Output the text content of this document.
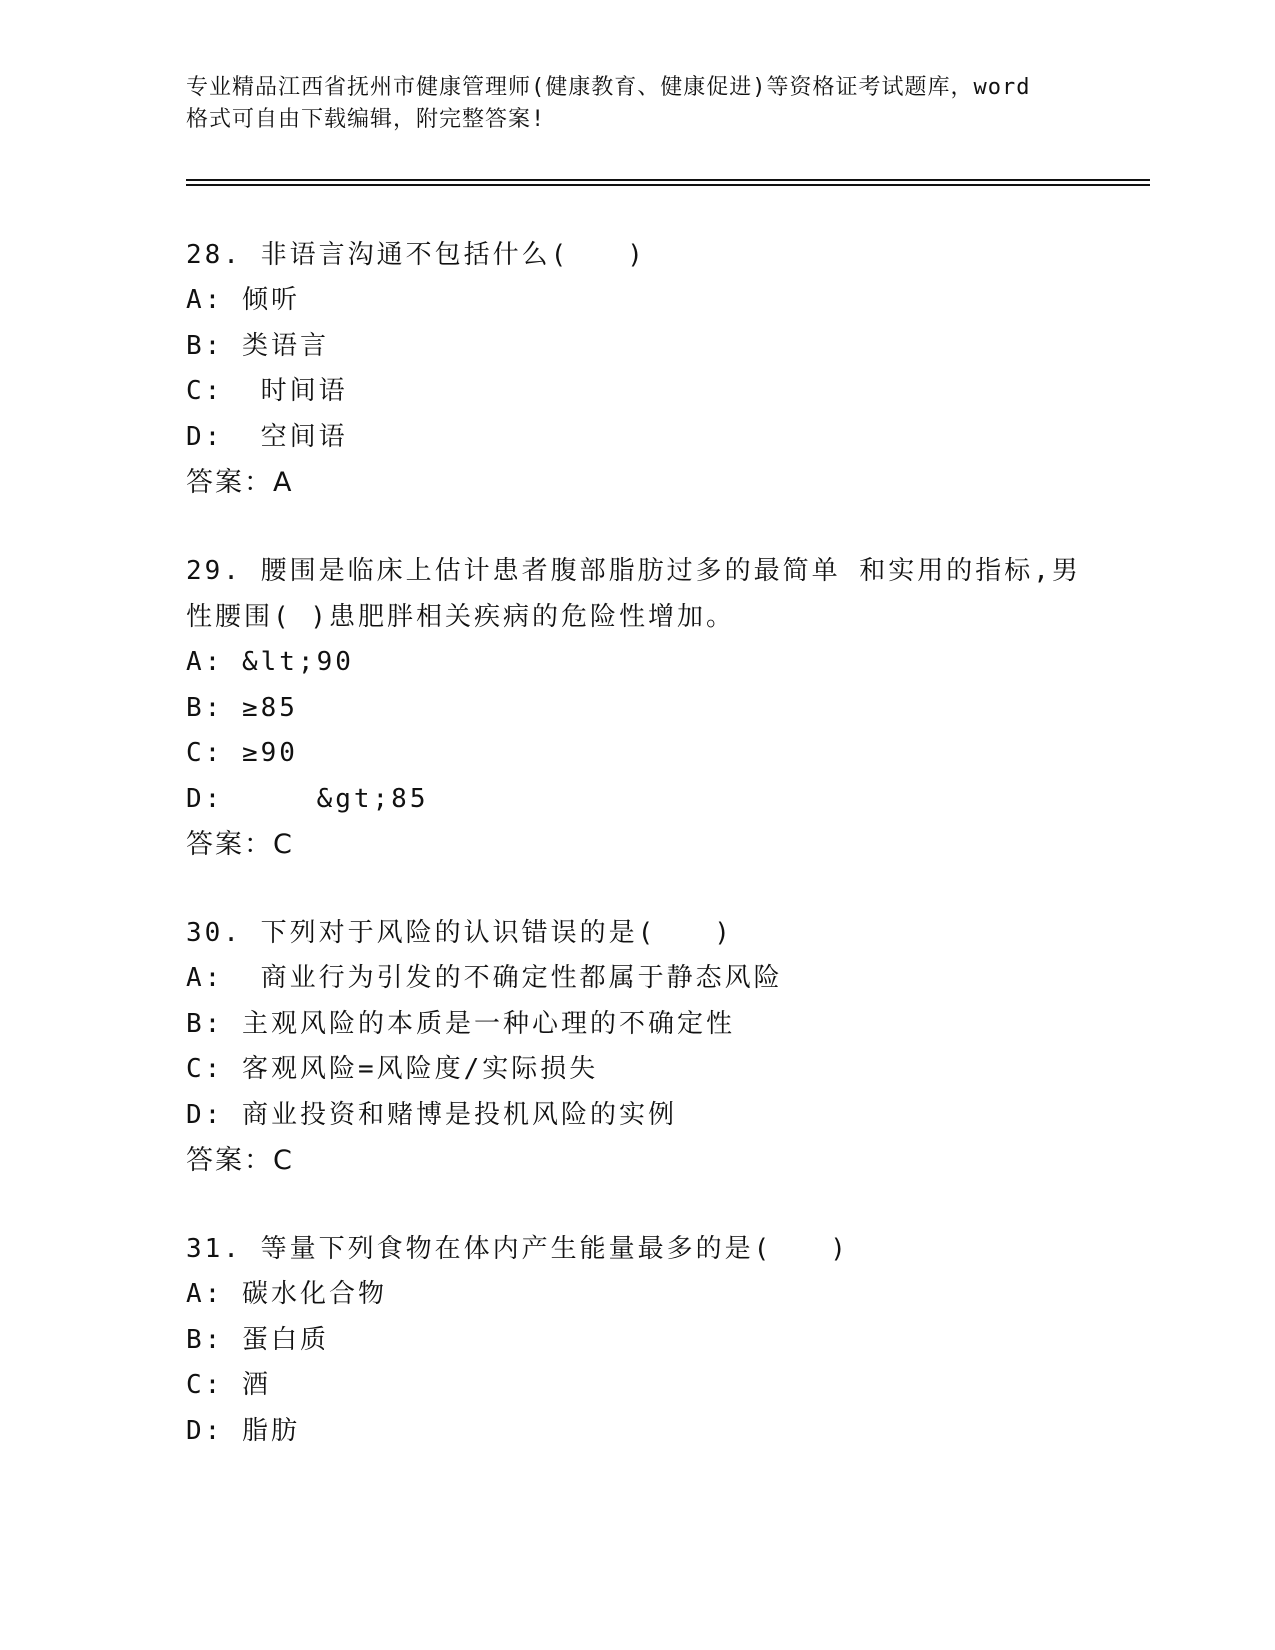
专业精品江西省抚州市健康管理师(健康教育、健康促进)等资格证考试题库，word
格式可自由下载编辑，附完整答案!
28. 非语言沟通不包括什么(　　)
A: 倾听
B: 类语言
C:  时间语
D:  空间语
答案：A
29. 腰围是临床上估计患者腹部脂肪过多的最简单 和实用的指标,男
性腰围( )患肥胖相关疾病的危险性增加。
A: &lt;90
B: ≥85
C: ≥90
D:     &gt;85
答案：C
30. 下列对于风险的认识错误的是(　　)
A:  商业行为引发的不确定性都属于静态风险
B: 主观风险的本质是一种心理的不确定性
C: 客观风险=风险度/实际损失
D: 商业投资和赌博是投机风险的实例
答案：C
31. 等量下列食物在体内产生能量最多的是(　　)
A: 碳水化合物
B: 蛋白质
C: 酒
D: 脂肪
